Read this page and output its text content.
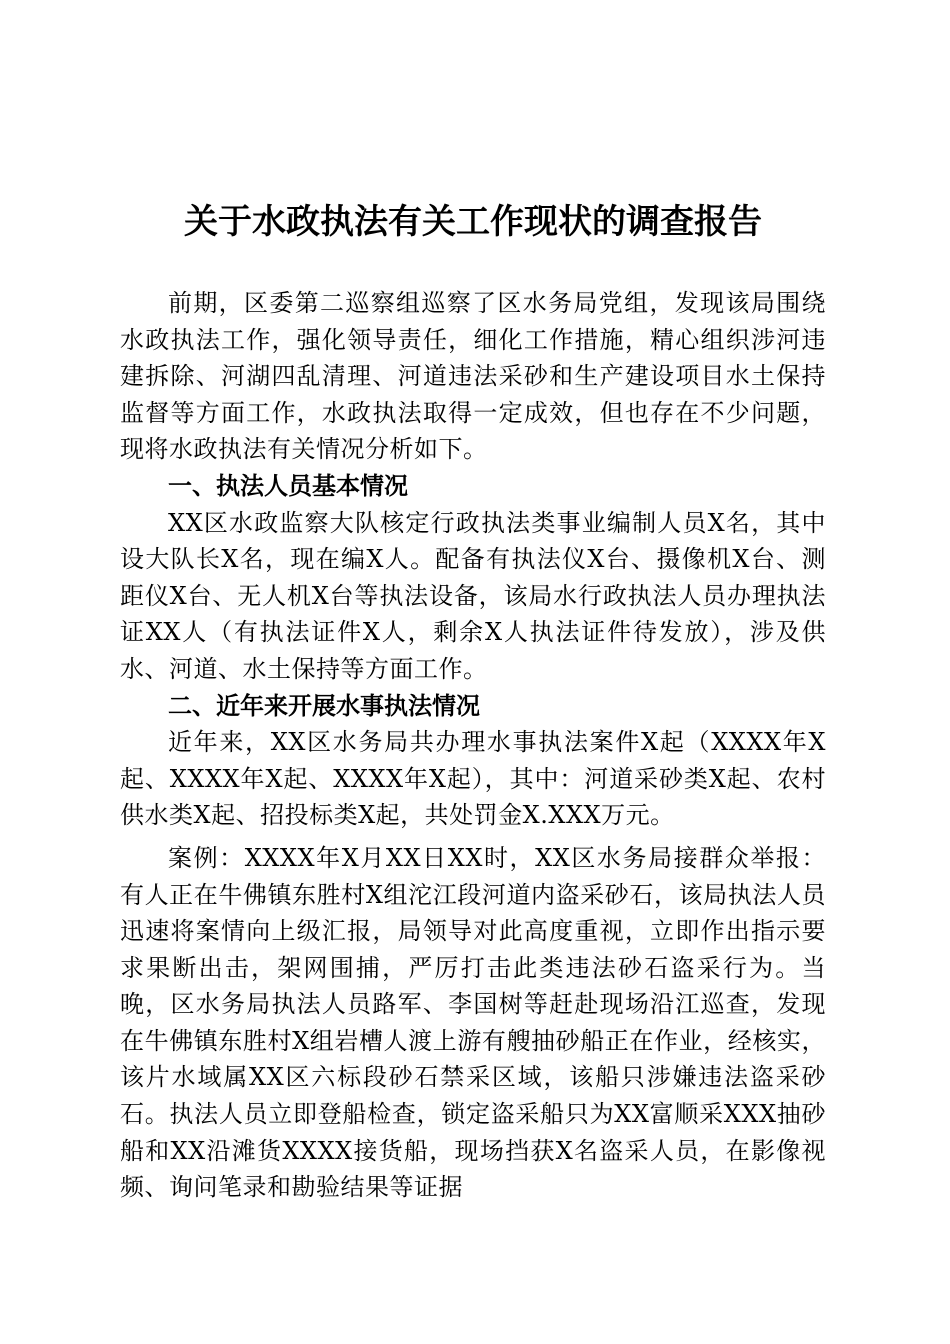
关于水政执法有关工作现状的调查报告

前期，区委第二巡察组巡察了区水务局党组，发现该局围绕水政执法工作，强化领导责任，细化工作措施，精心组织涉河违建拆除、河湖四乱清理、河道违法采砂和生产建设项目水土保持监督等方面工作，水政执法取得一定成效，但也存在不少问题，现将水政执法有关情况分析如下。

一、执法人员基本情况

XX区水政监察大队核定行政执法类事业编制人员X名，其中设大队长X名，现在编X人。配备有执法仪X台、摄像机X台、测距仪X台、无人机X台等执法设备，该局水行政执法人员办理执法证XX人（有执法证件X人，剩余X人执法证件待发放），涉及供水、河道、水土保持等方面工作。

二、近年来开展水事执法情况

近年来，XX区水务局共办理水事执法案件X起（XXXX年X起、XXXX年X起、XXXX年X起），其中：河道采砂类X起、农村供水类X起、招投标类X起，共处罚金X.XXX万元。

案例：XXXX年X月XX日XX时，XX区水务局接群众举报：有人正在牛佛镇东胜村X组沱江段河道内盗采砂石，该局执法人员迅速将案情向上级汇报，局领导对此高度重视，立即作出指示要求果断出击，架网围捕，严厉打击此类违法砂石盗采行为。当晚，区水务局执法人员路军、李国树等赶赴现场沿江巡查，发现在牛佛镇东胜村X组岩槽人渡上游有艘抽砂船正在作业，经核实，该片水域属XX区六标段砂石禁采区域，该船只涉嫌违法盗采砂石。执法人员立即登船检查，锁定盗采船只为XX富顺采XXX抽砂船和XX沿滩货XXXX接货船，现场挡获X名盗采人员，在影像视频、询问笔录和勘验结果等证据
